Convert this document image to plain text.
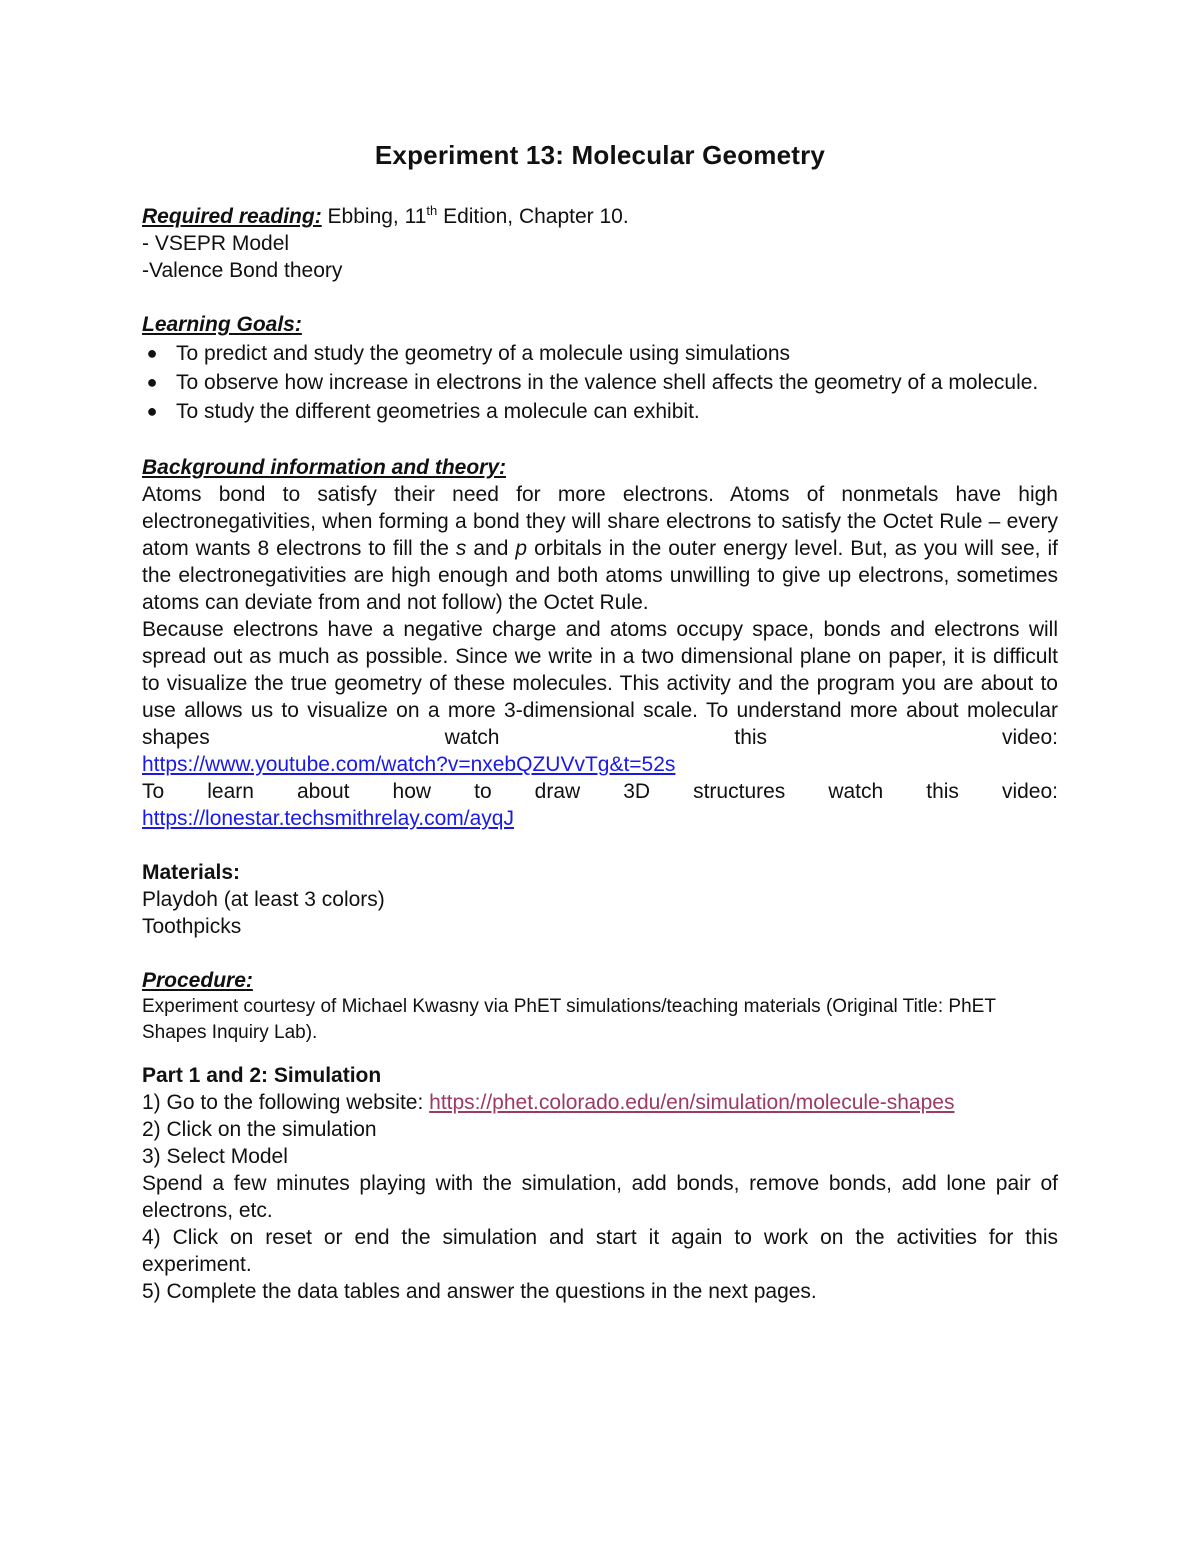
Experiment 13: Molecular Geometry

Required reading: Ebbing, 11th Edition, Chapter 10.

- VSEPR Model

-Valence Bond theory

Learning Goals:

● To predict and study the geometry of a molecule using simulations
● To observe how increase in electrons in the valence shell affects the geometry of a molecule.
● To study the different geometries a molecule can exhibit.

Background information and theory:

Atoms bond to satisfy their need for more electrons. Atoms of nonmetals have high electronegativities, when forming a bond they will share electrons to satisfy the Octet Rule – every atom wants 8 electrons to fill the s and p orbitals in the outer energy level. But, as you will see, if the electronegativities are high enough and both atoms unwilling to give up electrons, sometimes atoms can deviate from and not follow) the Octet Rule.

Because electrons have a negative charge and atoms occupy space, bonds and electrons will spread out as much as possible. Since we write in a two dimensional plane on paper, it is difficult to visualize the true geometry of these molecules. This activity and the program you are about to use allows us to visualize on a more 3-dimensional scale. To understand more about molecular shapes watch this video:

https://www.youtube.com/watch?v=nxebQZUVvTg&t=52s

To learn about how to draw 3D structures watch this video:

https://lonestar.techsmithrelay.com/ayqJ

Materials:

Playdoh (at least 3 colors)

Toothpicks

Procedure:

Experiment courtesy of Michael Kwasny via PhET simulations/teaching materials (Original Title: PhET Shapes Inquiry Lab).

Part 1 and 2: Simulation

1) Go to the following website: https://phet.colorado.edu/en/simulation/molecule-shapes

2) Click on the simulation

3) Select Model

Spend a few minutes playing with the simulation, add bonds, remove bonds, add lone pair of electrons, etc.

4) Click on reset or end the simulation and start it again to work on the activities for this experiment.

5) Complete the data tables and answer the questions in the next pages.
